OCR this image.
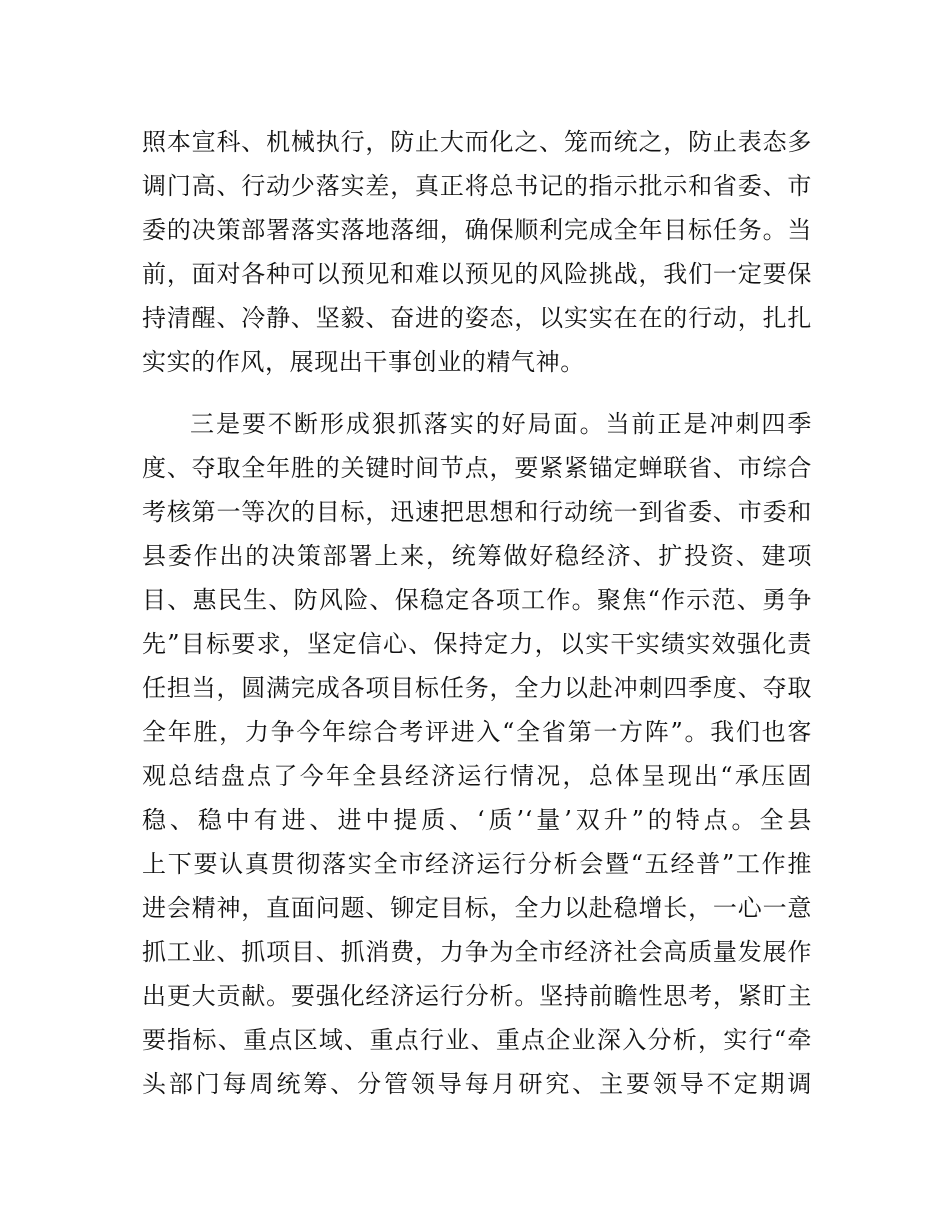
照本宣科、机械执行，防止大而化之、笼而统之，防止表态多
调门高、行动少落实差，真正将总书记的指示批示和省委、市
委的决策部署落实落地落细，确保顺利完成全年目标任务。当
前，面对各种可以预见和难以预见的风险挑战，我们一定要保
持清醒、冷静、坚毅、奋进的姿态，以实实在在的行动，扎扎
实实的作风，展现出干事创业的精气神。
三是要不断形成狠抓落实的好局面。当前正是冲刺四季
度、夺取全年胜的关键时间节点，要紧紧锚定蝉联省、市综合
考核第一等次的目标，迅速把思想和行动统一到省委、市委和
县委作出的决策部署上来，统筹做好稳经济、扩投资、建项
目、惠民生、防风险、保稳定各项工作。聚焦“作示范、勇争
先”目标要求，坚定信心、保持定力，以实干实绩实效强化责
任担当，圆满完成各项目标任务，全力以赴冲刺四季度、夺取
全年胜，力争今年综合考评进入“全省第一方阵”。我们也客
观总结盘点了今年全县经济运行情况，总体呈现出“承压固
稳、稳中有进、进中提质、‘质’‘量’双升”的特点。全县
上下要认真贯彻落实全市经济运行分析会暨“五经普”工作推
进会精神，直面问题、铆定目标，全力以赴稳增长，一心一意
抓工业、抓项目、抓消费，力争为全市经济社会高质量发展作
出更大贡献。要强化经济运行分析。坚持前瞻性思考，紧盯主
要指标、重点区域、重点行业、重点企业深入分析，实行“牵
头部门每周统筹、分管领导每月研究、主要领导不定期调
